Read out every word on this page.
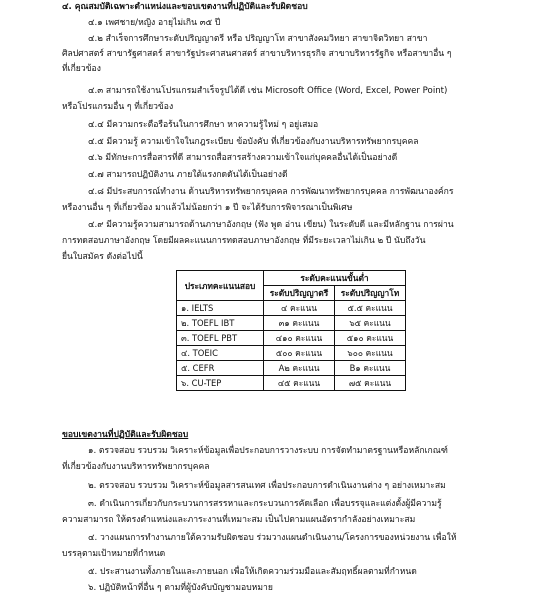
๔. คุณสมบัติเฉพาะตำแหน่งและขอบเขตงานที่ปฏิบัติและรับผิดชอบ
๔.๑ เพศชาย/หญิง อายุไม่เกิน ๓๕ ปี
๔.๒ สำเร็จการศึกษาระดับปริญญาตรี หรือ ปริญญาโท สาขาสังคมวิทยา สาขาจิตวิทยา สาขา
ศิลปศาสตร์ สาขารัฐศาสตร์ สาขารัฐประศาสนศาสตร์ สาขาบริหารธุรกิจ สาขาบริหารรัฐกิจ หรือสาขาอื่น ๆ
ที่เกี่ยวข้อง
๔.๓ สามารถใช้งานโปรแกรมสำเร็จรูปได้ดี เช่น Microsoft Office (Word, Excel, Power Point)
หรือโปรแกรมอื่น ๆ ที่เกี่ยวข้อง
๔.๔ มีความกระตือรือร้นในการศึกษา หาความรู้ใหม่ ๆ อยู่เสมอ
๔.๕ มีความรู้ ความเข้าใจในกฎระเบียบ ข้อบังคับ ที่เกี่ยวข้องกับงานบริหารทรัพยากรบุคคล
๔.๖ มีทักษะการสื่อสารที่ดี สามารถสื่อสารสร้างความเข้าใจแก่บุคคลอื่นได้เป็นอย่างดี
๔.๗ สามารถปฏิบัติงาน ภายใต้แรงกดดันได้เป็นอย่างดี
๔.๘ มีประสบการณ์ทำงาน ด้านบริหารทรัพยากรบุคคล การพัฒนาทรัพยากรบุคคล การพัฒนาองค์กร
หรืองานอื่น ๆ ที่เกี่ยวข้อง มาแล้วไม่น้อยกว่า ๑ ปี จะได้รับการพิจารณาเป็นพิเศษ
๔.๙ มีความรู้ความสามารถด้านภาษาอังกฤษ (ฟัง พูด อ่าน เขียน) ในระดับดี และมีหลักฐาน การผ่าน
การทดสอบภาษาอังกฤษ โดยมีผลคะแนนการทดสอบภาษาอังกฤษ ที่มีระยะเวลาไม่เกิน ๒ ปี นับถึงวัน
ยื่นใบสมัคร ดังต่อไปนี้
ประเภทคะแนนสอบ	ระดับคะแนนขั้นต่ำ	
	ระดับปริญญาตรี	ระดับปริญญาโท
๑. IELTS	๔ คะแนน	๕.๕ คะแนน
๒. TOEFL IBT	๓๑ คะแนน	๖๕ คะแนน
๓. TOEFL PBT	๔๑๐ คะแนน	๕๑๐ คะแนน
๔. TOEIC	๕๐๐ คะแนน	๖๐๐ คะแนน
๕. CEFR	A๒ คะแนน	B๑ คะแนน
๖. CU-TEP	๔๕ คะแนน	๗๕ คะแนน
ขอบเขตงานที่ปฏิบัติและรับผิดชอบ
๑. ตรวจสอบ รวบรวม วิเคราะห์ข้อมูลเพื่อประกอบการวางระบบ การจัดทำมาตรฐานหรือหลักเกณฑ์
ที่เกี่ยวข้องกับงานบริหารทรัพยากรบุคคล
๒. ตรวจสอบ รวบรวม วิเคราะห์ข้อมูลสารสนเทศ เพื่อประกอบการดำเนินงานต่าง ๆ อย่างเหมาะสม
๓. ดำเนินการเกี่ยวกับกระบวนการสรรหาและกระบวนการคัดเลือก เพื่อบรรจุและแต่งตั้งผู้มีความรู้
ความสามารถ ให้ตรงตำแหน่งและภาระงานที่เหมาะสม เป็นไปตามแผนอัตรากำลังอย่างเหมาะสม
๔. วางแผนการทำงานภายใต้ความรับผิดชอบ ร่วมวางแผนดำเนินงาน/โครงการของหน่วยงาน เพื่อให้
บรรลุตามเป้าหมายที่กำหนด
๕. ประสานงานทั้งภายในและภายนอก เพื่อให้เกิดความร่วมมือและสัมฤทธิ์ผลตามที่กำหนด
๖. ปฏิบัติหน้าที่อื่น ๆ ตามที่ผู้บังคับบัญชามอบหมาย
